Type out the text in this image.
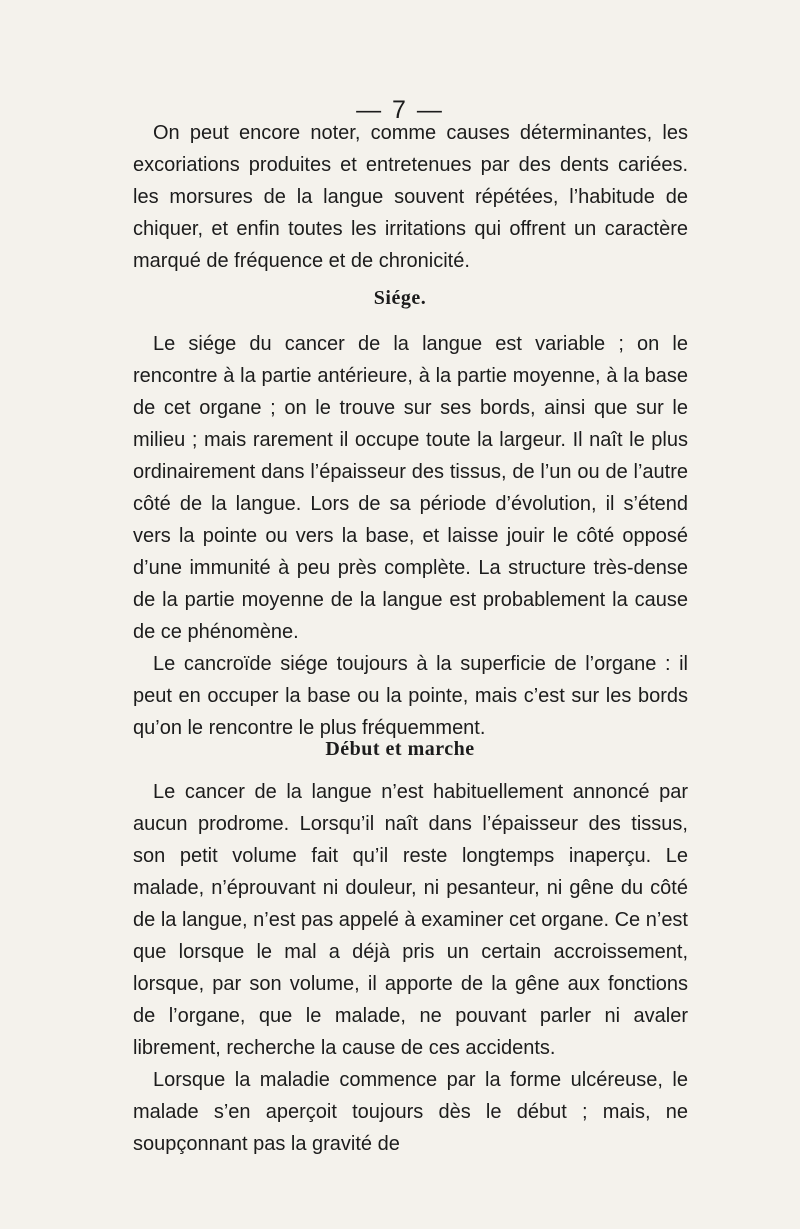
— 7 —

On peut encore noter, comme causes déterminantes, les excoriations produites et entretenues par des dents cariées. les morsures de la langue souvent répétées, l’habitude de chiquer, et enfin toutes les irritations qui offrent un caractère marqué de fréquence et de chronicité.

Siége.

Le siége du cancer de la langue est variable ; on le rencontre à la partie antérieure, à la partie moyenne, à la base de cet organe ; on le trouve sur ses bords, ainsi que sur le milieu ; mais rarement il occupe toute la largeur. Il naît le plus ordinairement dans l’épaisseur des tissus, de l’un ou de l’autre côté de la langue. Lors de sa période d’évolution, il s’étend vers la pointe ou vers la base, et laisse jouir le côté opposé d’une immunité à peu près complète. La structure très-dense de la partie moyenne de la langue est probablement la cause de ce phénomène.

Le cancroïde siége toujours à la superficie de l’organe : il peut en occuper la base ou la pointe, mais c’est sur les bords qu’on le rencontre le plus fréquemment.

Début et marche

Le cancer de la langue n’est habituellement annoncé par aucun prodrome. Lorsqu’il naît dans l’épaisseur des tissus, son petit volume fait qu’il reste longtemps inaperçu. Le malade, n’éprouvant ni douleur, ni pesanteur, ni gêne du côté de la langue, n’est pas appelé à examiner cet organe. Ce n’est que lorsque le mal a déjà pris un certain accroissement, lorsque, par son volume, il apporte de la gêne aux fonctions de l’organe, que le malade, ne pouvant parler ni avaler librement, recherche la cause de ces accidents.

Lorsque la maladie commence par la forme ulcéreuse, le malade s’en aperçoit toujours dès le début ; mais, ne soupçonnant pas la gravité de
